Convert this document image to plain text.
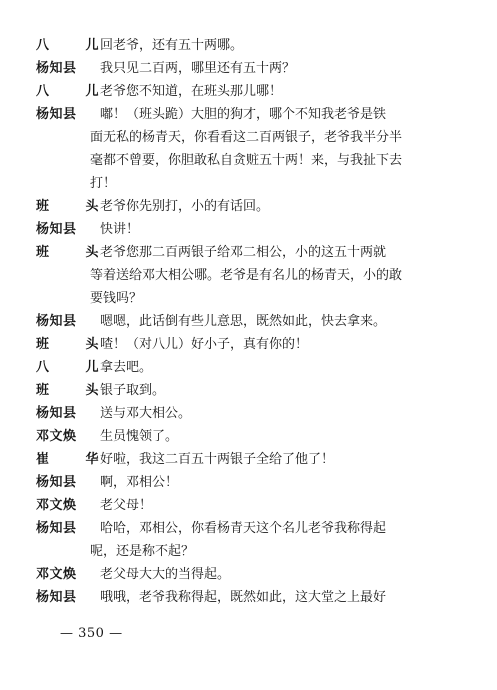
八 儿
回老爷，还有五十两哪。
杨知县 我只见二百两，哪里还有五十两？
八 儿
老爷您不知道，在班头那儿哪！
杨知县 嘟！（班头跪）大胆的狗才，哪个不知我老爷是铁
面无私的杨青天，你看看这二百两银子，老爷我半分半
毫都不曾要，你胆敢私自贪赃五十两！来，与我扯下去
打！
班 头
老爷你先别打，小的有话回。
杨知县 快讲！
班 头
老爷您那二百两银子给邓二相公，小的这五十两就
等着送给邓大相公哪。老爷是有名儿的杨青天，小的敢
要钱吗？
杨知县 嗯嗯，此话倒有些儿意思，既然如此，快去拿来。
班 头
喳！（对八儿）好小子，真有你的！
八 儿
拿去吧。
班 头
银子取到。
杨知县 送与邓大相公。
邓文焕 生员愧领了。
崔 华
好啦，我这二百五十两银子全给了他了！
杨知县 啊，邓相公！
邓文焕 老父母！
杨知县 哈哈，邓相公，你看杨青天这个名儿老爷我称得起
呢，还是称不起？
邓文焕 老父母大大的当得起。
杨知县 哦哦，老爷我称得起，既然如此，这大堂之上最好
— 350 —
